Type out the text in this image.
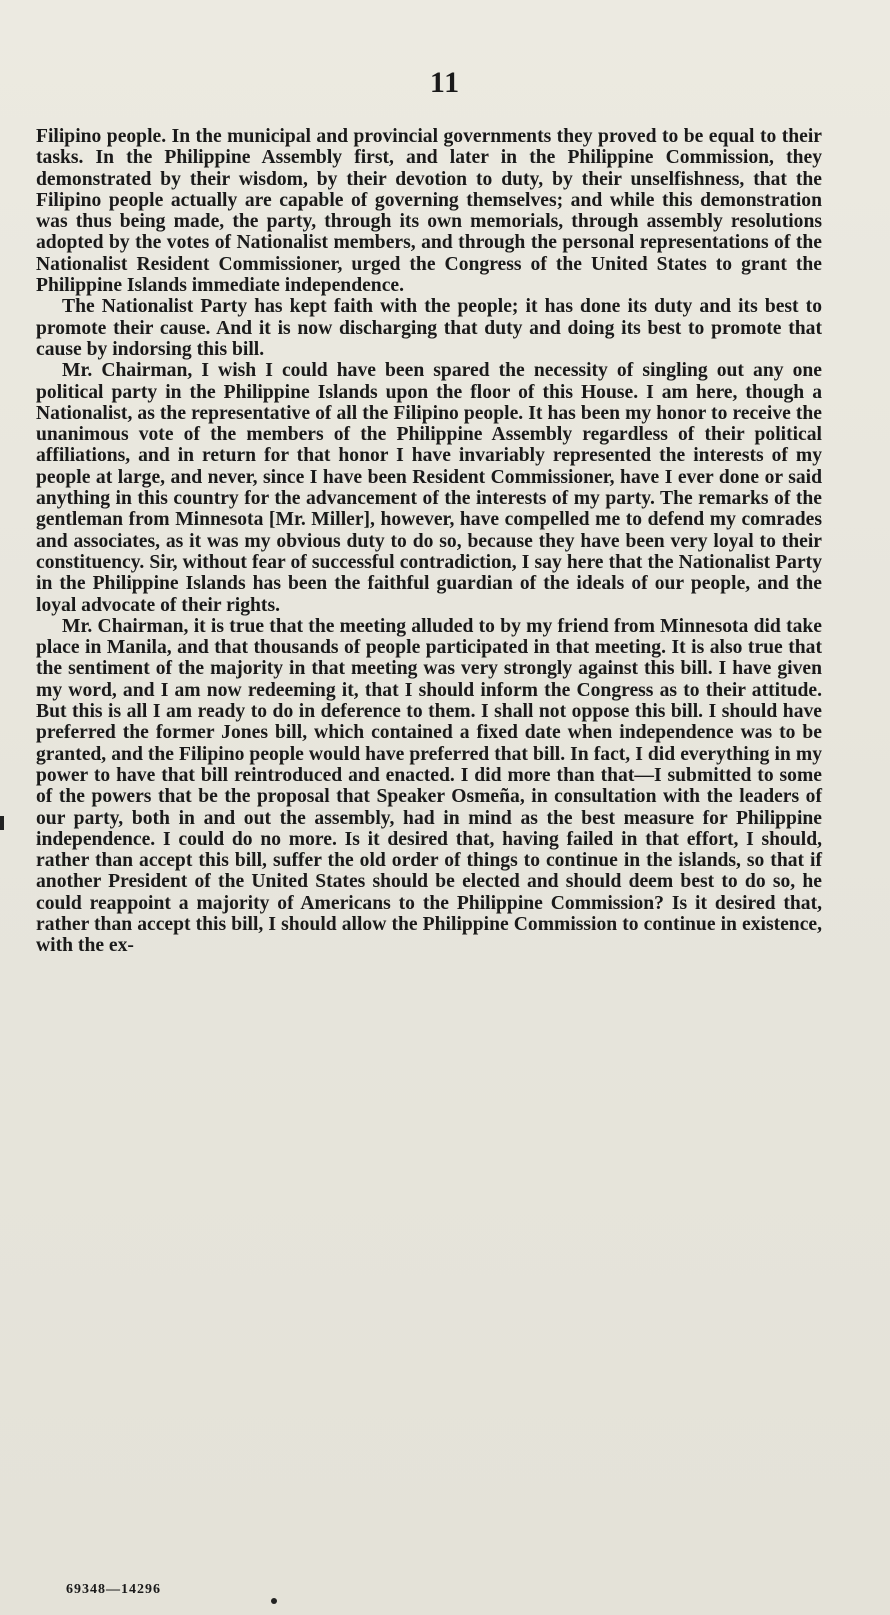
11

Filipino people. In the municipal and provincial governments they proved to be equal to their tasks. In the Philippine Assembly first, and later in the Philippine Commission, they demonstrated by their wisdom, by their devotion to duty, by their unselfishness, that the Filipino people actually are capable of governing themselves; and while this demonstration was thus being made, the party, through its own memorials, through assembly resolutions adopted by the votes of Nationalist members, and through the personal representations of the Nationalist Resident Commissioner, urged the Congress of the United States to grant the Philippine Islands immediate independence.

The Nationalist Party has kept faith with the people; it has done its duty and its best to promote their cause. And it is now discharging that duty and doing its best to promote that cause by indorsing this bill.

Mr. Chairman, I wish I could have been spared the necessity of singling out any one political party in the Philippine Islands upon the floor of this House. I am here, though a Nationalist, as the representative of all the Filipino people. It has been my honor to receive the unanimous vote of the members of the Philippine Assembly regardless of their political affiliations, and in return for that honor I have invariably represented the interests of my people at large, and never, since I have been Resident Commissioner, have I ever done or said anything in this country for the advancement of the interests of my party. The remarks of the gentleman from Minnesota [Mr. Miller], however, have compelled me to defend my comrades and associates, as it was my obvious duty to do so, because they have been very loyal to their constituency. Sir, without fear of successful contradiction, I say here that the Nationalist Party in the Philippine Islands has been the faithful guardian of the ideals of our people, and the loyal advocate of their rights.

Mr. Chairman, it is true that the meeting alluded to by my friend from Minnesota did take place in Manila, and that thousands of people participated in that meeting. It is also true that the sentiment of the majority in that meeting was very strongly against this bill. I have given my word, and I am now redeeming it, that I should inform the Congress as to their attitude. But this is all I am ready to do in deference to them. I shall not oppose this bill. I should have preferred the former Jones bill, which contained a fixed date when independence was to be granted, and the Filipino people would have preferred that bill. In fact, I did everything in my power to have that bill reintroduced and enacted. I did more than that—I submitted to some of the powers that be the proposal that Speaker Osmeña, in consultation with the leaders of our party, both in and out the assembly, had in mind as the best measure for Philippine independence. I could do no more. Is it desired that, having failed in that effort, I should, rather than accept this bill, suffer the old order of things to continue in the islands, so that if another President of the United States should be elected and should deem best to do so, he could reappoint a majority of Americans to the Philippine Commission? Is it desired that, rather than accept this bill, I should allow the Philippine Commission to continue in existence, with the ex-

69348—14296
